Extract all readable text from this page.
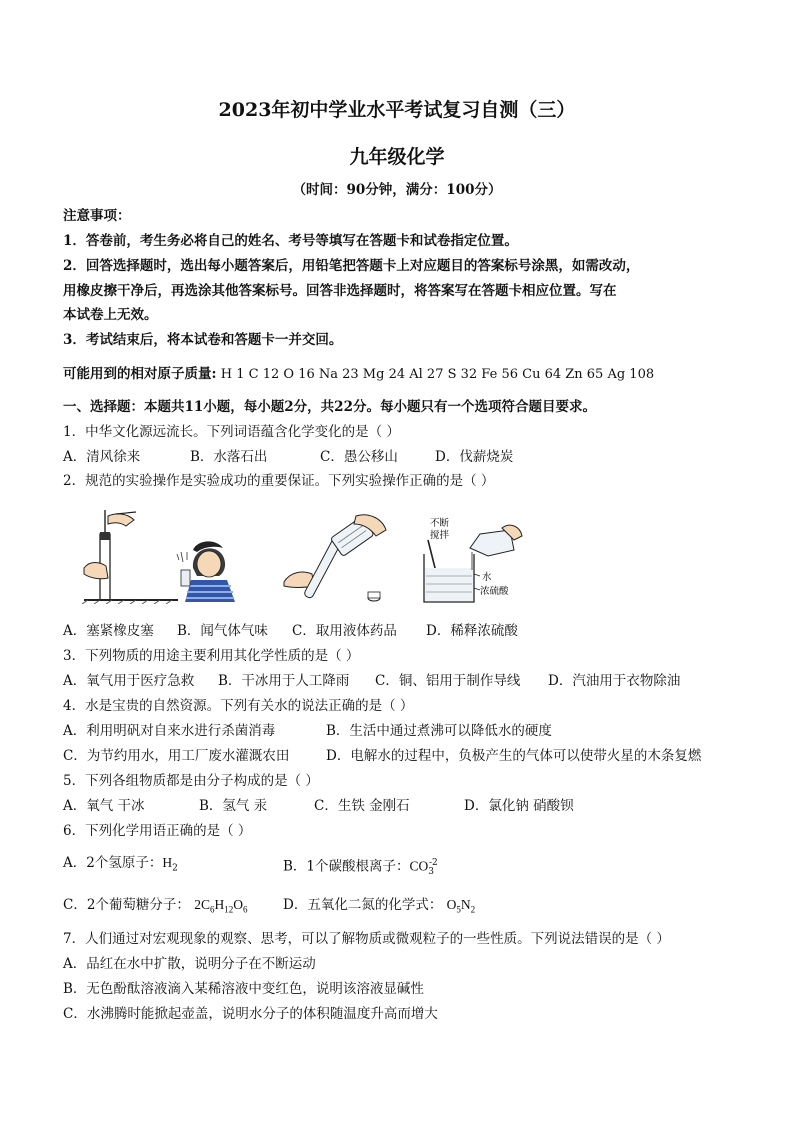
2023年初中学业水平考试复习自测（三）
九年级化学
（时间：90分钟，满分：100分）
注意事项：
1．答卷前，考生务必将自己的姓名、考号等填写在答题卡和试卷指定位置。
2．回答选择题时，选出每小题答案后，用铅笔把答题卡上对应题目的答案标号涂黑，如需改动，
用橡皮擦干净后，再选涂其他答案标号。回答非选择题时，将答案写在答题卡相应位置。写在
本试卷上无效。
3．考试结束后，将本试卷和答题卡一并交回。
可能用到的相对原子质量: H 1 C 12 O 16 Na 23 Mg 24 Al 27 S 32 Fe 56 Cu 64 Zn 65 Ag 108
一、选择题：本题共11小题，每小题2分，共22分。每小题只有一个选项符合题目要求。
1．中华文化源远流长。下列词语蕴含化学变化的是（ ）
A．清风徐来	B．水落石出	C．愚公移山	D．伐薪烧炭
2．规范的实验操作是实验成功的重要保证。下列实验操作正确的是（ ）
不断
搅拌
水
浓硫酸
A．塞紧橡皮塞 B．闻气体气味 C．取用液体药品 D．稀释浓硫酸
3．下列物质的用途主要利用其化学性质的是（ ）
A．氧气用于医疗急救 B．干冰用于人工降雨 C．铜、铝用于制作导线 D．汽油用于衣物除油
4．水是宝贵的自然资源。下列有关水的说法正确的是（ ）
A．利用明矾对自来水进行杀菌消毒	B．生活中通过煮沸可以降低水的硬度
C．为节约用水，用工厂废水灌溉农田	D．电解水的过程中，负极产生的气体可以使带火星的木条复燃
5．下列各组物质都是由分子构成的是（ ）
A．氧气 干冰	B．氢气 汞	C．生铁 金刚石	D．氯化钠 硝酸钡
6．下列化学用语正确的是（ ）
A．2个氢原子：$H_2$	B．1个碳酸根离子：$CO_3^{-2}$
C．2个葡萄糖分子： $2C_6H_{12}O_6$	D．五氧化二氮的化学式： $O_5N_2$
7．人们通过对宏观现象的观察、思考，可以了解物质或微观粒子的一些性质。下列说法错误的是（ ）
A．品红在水中扩散，说明分子在不断运动
B．无色酚酞溶液滴入某稀溶液中变红色，说明该溶液显碱性
C．水沸腾时能掀起壶盖，说明水分子的体积随温度升高而增大
